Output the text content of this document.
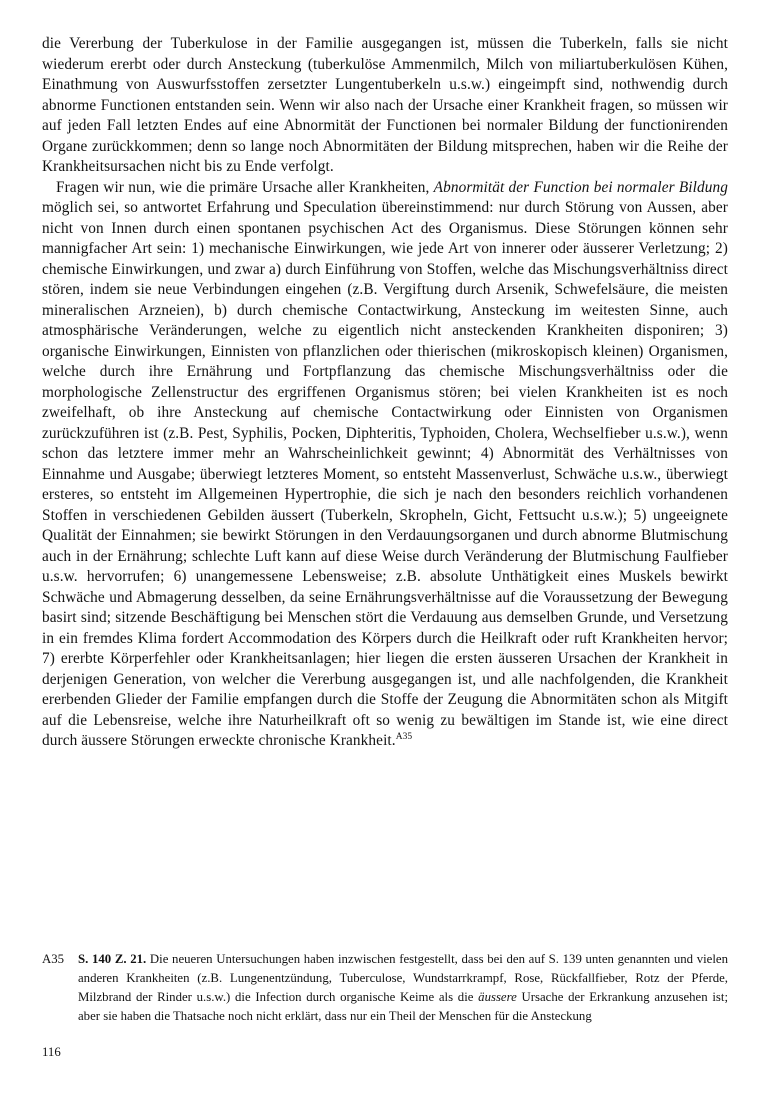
die Vererbung der Tuberkulose in der Familie ausgegangen ist, müssen die Tuberkeln, falls sie nicht wiederum ererbt oder durch Ansteckung (tuberkulöse Ammenmilch, Milch von miliartuberkulösen Kühen, Einathmung von Auswurfsstoffen zersetzter Lungentuberkeln u.s.w.) eingeimpft sind, nothwendig durch abnorme Functionen entstanden sein. Wenn wir also nach der Ursache einer Krankheit fragen, so müssen wir auf jeden Fall letzten Endes auf eine Abnormität der Functionen bei normaler Bildung der functionirenden Organe zurückkommen; denn so lange noch Abnormitäten der Bildung mitsprechen, haben wir die Reihe der Krankheitsursachen nicht bis zu Ende verfolgt.

Fragen wir nun, wie die primäre Ursache aller Krankheiten, Abnormität der Function bei normaler Bildung möglich sei, so antwortet Erfahrung und Speculation übereinstimmend: nur durch Störung von Aussen, aber nicht von Innen durch einen spontanen psychischen Act des Organismus. Diese Störungen können sehr mannigfacher Art sein: 1) mechanische Einwirkungen, wie jede Art von innerer oder äusserer Verletzung; 2) chemische Einwirkungen, und zwar a) durch Einführung von Stoffen, welche das Mischungsverhältniss direct stören, indem sie neue Verbindungen eingehen (z.B. Vergiftung durch Arsenik, Schwefelsäure, die meisten mineralischen Arzneien), b) durch chemische Contactwirkung, Ansteckung im weitesten Sinne, auch atmosphärische Veränderungen, welche zu eigentlich nicht ansteckenden Krankheiten disponiren; 3) organische Einwirkungen, Einnisten von pflanzlichen oder thierischen (mikroskopisch kleinen) Organismen, welche durch ihre Ernährung und Fortpflanzung das chemische Mischungsverhältniss oder die morphologische Zellenstructur des ergriffenen Organismus stören; bei vielen Krankheiten ist es noch zweifelhaft, ob ihre Ansteckung auf chemische Contactwirkung oder Einnisten von Organismen zurückzuführen ist (z.B. Pest, Syphilis, Pocken, Diphteritis, Typhoiden, Cholera, Wechselfieber u.s.w.), wenn schon das letztere immer mehr an Wahrscheinlichkeit gewinnt; 4) Abnormität des Verhältnisses von Einnahme und Ausgabe; überwiegt letzteres Moment, so entsteht Massenverlust, Schwäche u.s.w., überwiegt ersteres, so entsteht im Allgemeinen Hypertrophie, die sich je nach den besonders reichlich vorhandenen Stoffen in verschiedenen Gebilden äussert (Tuberkeln, Skropheln, Gicht, Fettsucht u.s.w.); 5) ungeeignete Qualität der Einnahmen; sie bewirkt Störungen in den Verdauungsorganen und durch abnorme Blutmischung auch in der Ernährung; schlechte Luft kann auf diese Weise durch Veränderung der Blutmischung Faulfieber u.s.w. hervorrufen; 6) unangemessene Lebensweise; z.B. absolute Unthätigkeit eines Muskels bewirkt Schwäche und Abmagerung desselben, da seine Ernährungsverhältnisse auf die Voraussetzung der Bewegung basirt sind; sitzende Beschäftigung bei Menschen stört die Verdauung aus demselben Grunde, und Versetzung in ein fremdes Klima fordert Accommodation des Körpers durch die Heilkraft oder ruft Krankheiten hervor; 7) ererbte Körperfehler oder Krankheitsanlagen; hier liegen die ersten äusseren Ursachen der Krankheit in derjenigen Generation, von welcher die Vererbung ausgegangen ist, und alle nachfolgenden, die Krankheit ererbenden Glieder der Familie empfangen durch die Stoffe der Zeugung die Abnormitäten schon als Mitgift auf die Lebensreise, welche ihre Naturheilkraft oft so wenig zu bewältigen im Stande ist, wie eine direct durch äussere Störungen erweckte chronische Krankheit.$^{A35}$

A35	S. 140 Z. 21. Die neueren Untersuchungen haben inzwischen festgestellt, dass bei den auf S. 139 unten genannten und vielen anderen Krankheiten (z.B. Lungenentzündung, Tuberculose, Wundstarrkrampf, Rose, Rückfallfieber, Rotz der Pferde, Milzbrand der Rinder u.s.w.) die Infection durch organische Keime als die äussere Ursache der Erkrankung anzusehen ist; aber sie haben die Thatsache noch nicht erklärt, dass nur ein Theil der Menschen für die Ansteckung
116
